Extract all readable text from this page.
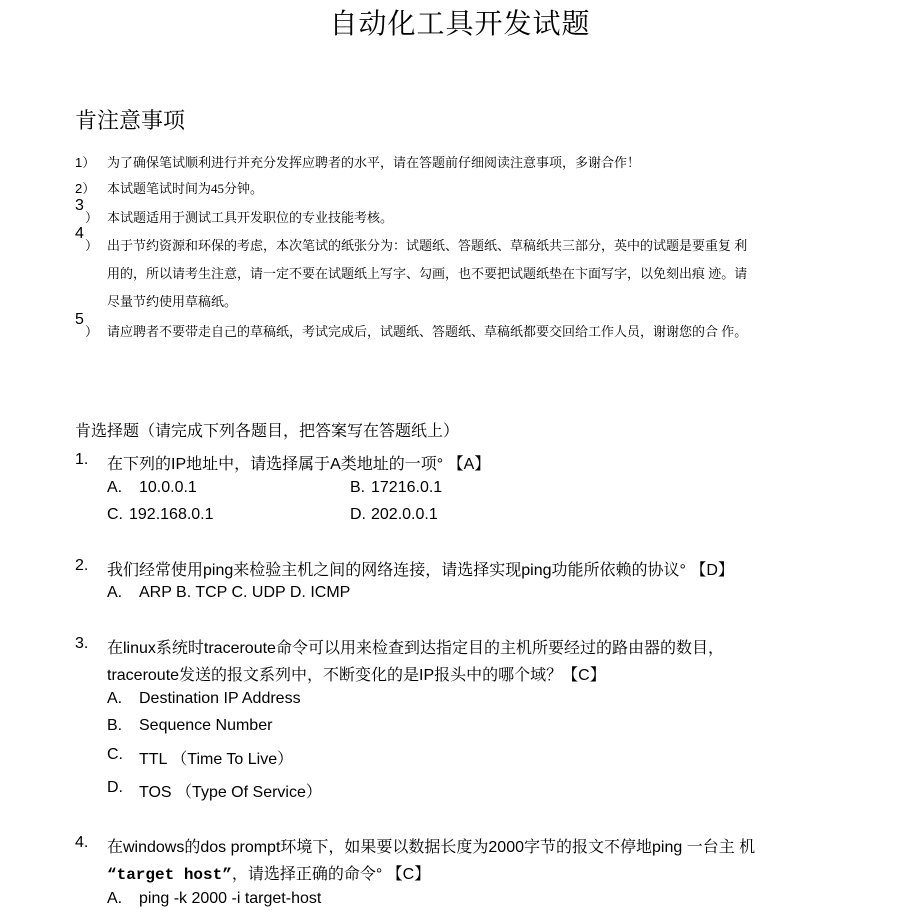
自动化工具开发试题
肯注意事项
1） 为了确保笔试顺利进行并充分发挥应聘者的水平，请在答题前仔细阅读注意事项，多谢合作！
2） 本试题笔试时间为45分钟。
3
） 本试题适用于测试工具开发职位的专业技能考核。
4
） 出于节约资源和环保的考虑，本次笔试的纸张分为：试题纸、答题纸、草稿纸共三部分，英中的试题是要重复 利
用的，所以请考生注意，请一定不要在试题纸上写字、勾画，也不要把试题纸垫在卞面写字，以免刻出痕 迹。请
尽量节约使用草稿纸。
5
） 请应聘者不要带走自己的草稿纸，考试完成后，试题纸、答题纸、草稿纸都要交回给工作人员，谢谢您的合 作。
肯选择题（请完成下列各题目，把答案写在答题纸上）
1. 在下列的IP地址中，请选择属于A类地址的一项° 【A】
A. 10.0.0.1	B. 17216.0.1
C. 192.168.0.1	D. 202.0.0.1
2. 我们经常使用ping来检验主机之间的网络连接，请选择实现ping功能所依赖的协议° 【D】
A. ARP B. TCP C. UDP D. ICMP
3. 在linux系统时traceroute命令可以用来检查到达指定目的主机所要经过的路由器的数目，
traceroute发送的报文系列中，不断变化的是IP报头中的哪个域？【C】
A. Destination IP Address
B. Sequence Number
C. TTL （Time To Live）
D. TOS （Type Of Service）
4. 在windows的dos prompt环境下，如果要以数据长度为2000字节的报文不停地ping 一台主 机
“target host”，请选择正确的命令° 【C】
A. ping -k 2000 -i target-host
